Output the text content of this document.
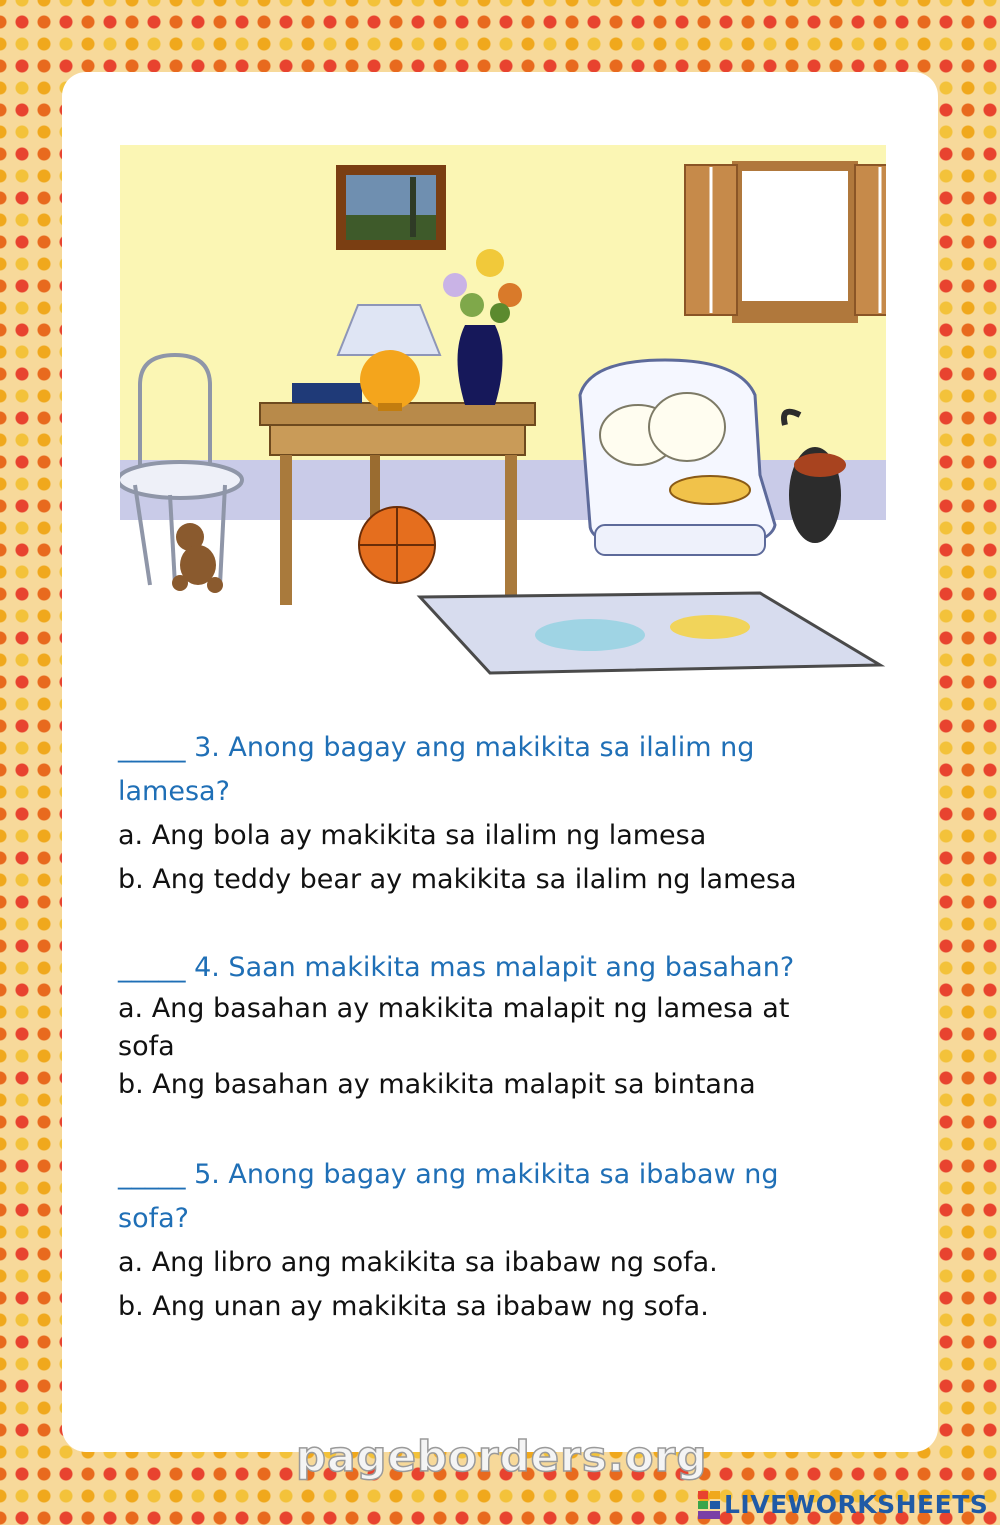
_____ 3. Anong bagay ang makikita sa ilalim ng

lamesa?

a. Ang bola ay makikita sa ilalim ng lamesa

b. Ang teddy bear ay makikita sa ilalim ng lamesa

_____ 4. Saan makikita mas malapit ang basahan?

a. Ang basahan ay makikita malapit ng lamesa at

sofa

b. Ang basahan ay makikita malapit sa bintana

_____ 5. Anong bagay ang makikita sa ibabaw ng

sofa?

a. Ang libro ang makikita sa ibabaw ng sofa.

b. Ang unan ay makikita sa ibabaw ng sofa.

pageborders.org
LIVEWORKSHEETS
